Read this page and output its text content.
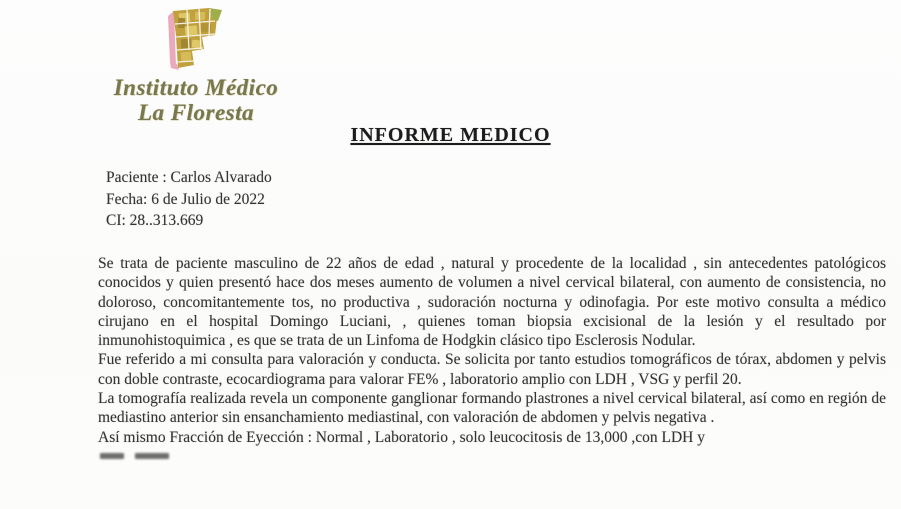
Instituto Médico
La Floresta
INFORME MEDICO
Paciente : Carlos Alvarado
Fecha: 6 de Julio de 2022
CI: 28..313.669

Se trata de paciente masculino de 22 años de edad , natural y procedente de la localidad , sin antecedentes patológicos conocidos y quien presentó hace dos meses aumento de volumen a nivel cervical bilateral, con aumento de consistencia, no doloroso, concomitantemente tos, no productiva , sudoración nocturna y odinofagia. Por este motivo consulta a médico cirujano en el hospital Domingo Luciani, , quienes toman biopsia excisional de la lesión y el resultado por inmunohistoquimica , es que se trata de un Linfoma de Hodgkin clásico tipo Esclerosis Nodular.

Fue referido a mi consulta para valoración y conducta. Se solicita por tanto estudios tomográficos de tórax, abdomen y pelvis con doble contraste, ecocardiograma para valorar FE% , laboratorio amplio con LDH , VSG y perfil 20.

La tomografía realizada revela un componente ganglionar formando plastrones a nivel cervical bilateral, así como en región de mediastino anterior sin ensanchamiento mediastinal, con valoración de abdomen y pelvis negativa .

Así mismo Fracción de Eyección : Normal , Laboratorio , solo leucocitosis de 13,000 ,con LDH y
